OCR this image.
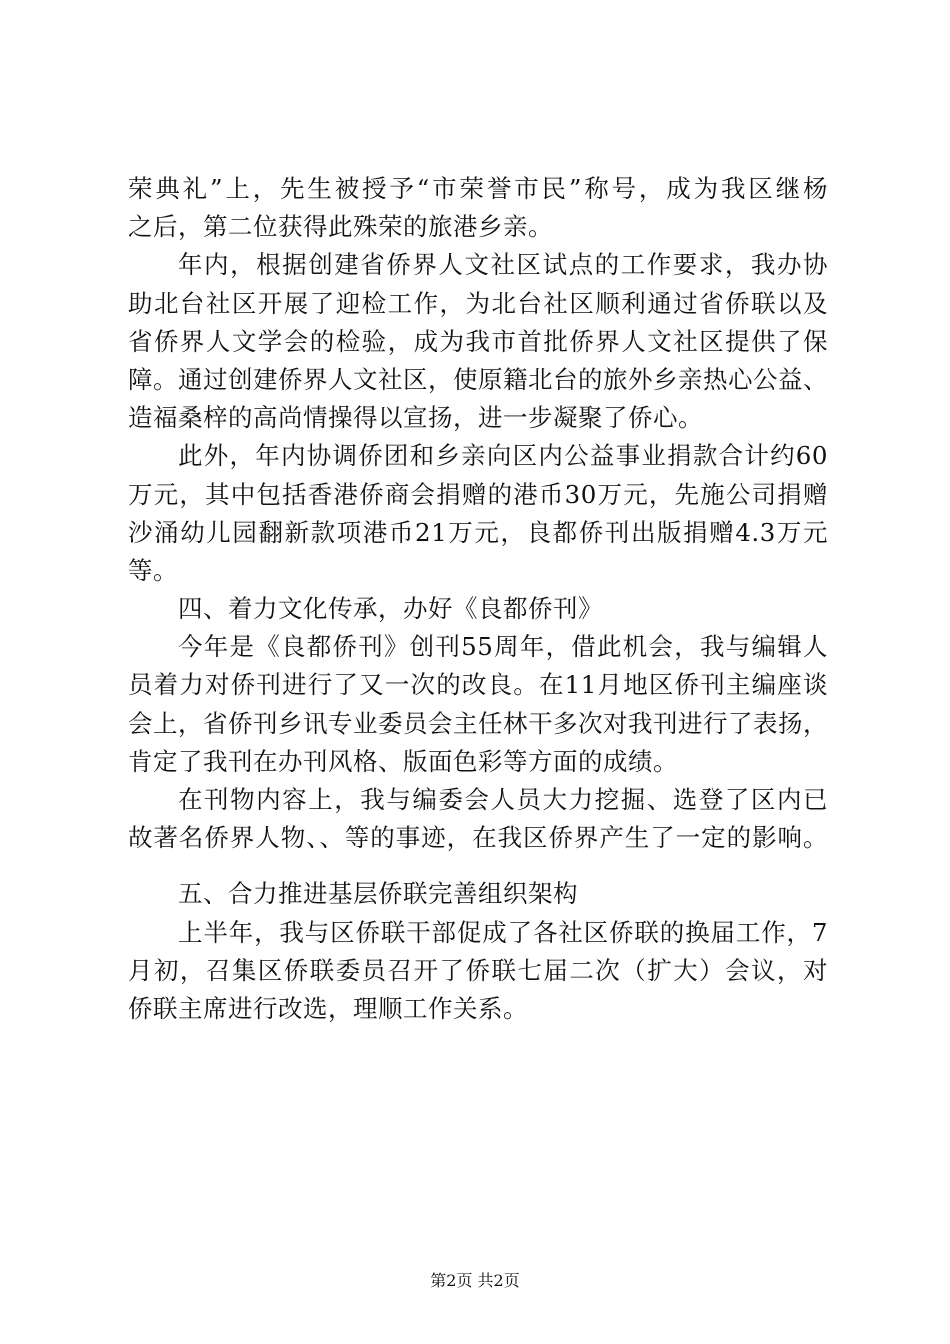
荣典礼”上，先生被授予“市荣誉市民”称号，成为我区继杨
之后，第二位获得此殊荣的旅港乡亲。
年内，根据创建省侨界人文社区试点的工作要求，我办协
助北台社区开展了迎检工作，为北台社区顺利通过省侨联以及
省侨界人文学会的检验，成为我市首批侨界人文社区提供了保
障。通过创建侨界人文社区，使原籍北台的旅外乡亲热心公益、
造福桑梓的高尚情操得以宣扬，进一步凝聚了侨心。
此外，年内协调侨团和乡亲向区内公益事业捐款合计约60
万元，其中包括香港侨商会捐赠的港币30万元，先施公司捐赠
沙涌幼儿园翻新款项港币21万元，良都侨刊出版捐赠4.3万元
等。
四、着力文化传承，办好《良都侨刊》
今年是《良都侨刊》创刊55周年，借此机会，我与编辑人
员着力对侨刊进行了又一次的改良。在11月地区侨刊主编座谈
会上，省侨刊乡讯专业委员会主任林干多次对我刊进行了表扬，
肯定了我刊在办刊风格、版面色彩等方面的成绩。
在刊物内容上，我与编委会人员大力挖掘、选登了区内已
故著名侨界人物、、等的事迹，在我区侨界产生了一定的影响。
五、合力推进基层侨联完善组织架构
上半年，我与区侨联干部促成了各社区侨联的换届工作，7
月初，召集区侨联委员召开了侨联七届二次（扩大）会议，对
侨联主席进行改选，理顺工作关系。
第2页 共2页
